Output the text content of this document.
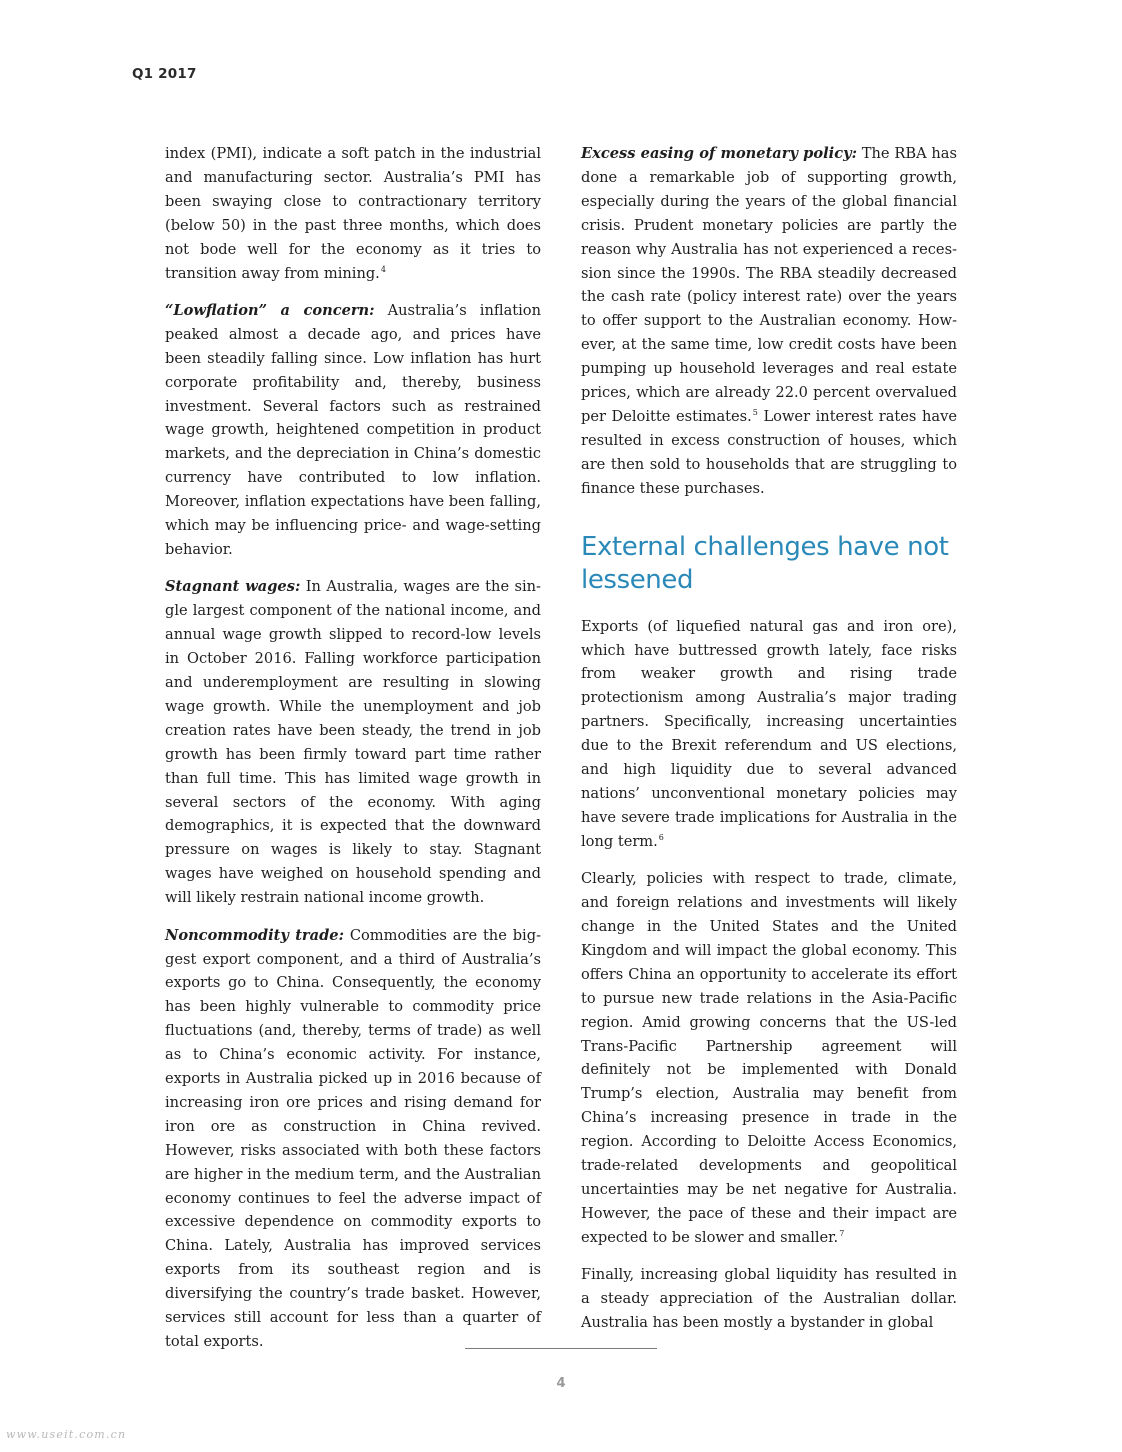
Q1 2017

index (PMI), indicate a soft patch in the industrial and manufacturing sector. Australia’s PMI has been swaying close to contractionary territory (below 50) in the past three months, which does not bode well for the economy as it tries to transition away from mining.$^4$

“Lowflation” a concern: Australia’s inflation peaked almost a decade ago, and prices have been steadily falling since. Low inflation has hurt corporate profitability and, thereby, business investment. Several factors such as restrained wage growth, heightened competition in product markets, and the depreciation in China’s domestic currency have contributed to low inflation. Moreover, inflation expectations have been falling, which may be influencing price- and wage-setting behavior.

Stagnant wages: In Australia, wages are the single largest component of the national income, and annual wage growth slipped to record-low levels in October 2016. Falling workforce participation and underemployment are resulting in slowing wage growth. While the unemployment and job creation rates have been steady, the trend in job growth has been firmly toward part time rather than full time. This has limited wage growth in several sectors of the economy. With aging demographics, it is expected that the downward pressure on wages is likely to stay. Stagnant wages have weighed on household spending and will likely restrain national income growth.

Noncommodity trade: Commodities are the biggest export component, and a third of Australia’s exports go to China. Consequently, the economy has been highly vulnerable to commodity price fluctuations (and, thereby, terms of trade) as well as to China’s economic activity. For instance, exports in Australia picked up in 2016 because of increasing iron ore prices and rising demand for iron ore as construction in China revived. However, risks associated with both these factors are higher in the medium term, and the Australian economy continues to feel the adverse impact of excessive dependence on commodity exports to China. Lately, Australia has improved services exports from its southeast region and is diversifying the country’s trade basket. However, services still account for less than a quarter of total exports.

Excess easing of monetary policy: The RBA has done a remarkable job of supporting growth, especially during the years of the global financial crisis. Prudent monetary policies are partly the reason why Australia has not experienced a recession since the 1990s. The RBA steadily decreased the cash rate (policy interest rate) over the years to offer support to the Australian economy. However, at the same time, low credit costs have been pumping up household leverages and real estate prices, which are already 22.0 percent overvalued per Deloitte estimates.$^5$ Lower interest rates have resulted in excess construction of houses, which are then sold to households that are struggling to finance these purchases.

External challenges have not lessened

Exports (of liquefied natural gas and iron ore), which have buttressed growth lately, face risks from weaker growth and rising trade protectionism among Australia’s major trading partners. Specifically, increasing uncertainties due to the Brexit referendum and US elections, and high liquidity due to several advanced nations’ unconventional monetary policies may have severe trade implications for Australia in the long term.$^6$

Clearly, policies with respect to trade, climate, and foreign relations and investments will likely change in the United States and the United Kingdom and will impact the global economy. This offers China an opportunity to accelerate its effort to pursue new trade relations in the Asia-Pacific region. Amid growing concerns that the US-led Trans-Pacific Partnership agreement will definitely not be implemented with Donald Trump’s election, Australia may benefit from China’s increasing presence in trade in the region. According to Deloitte Access Economics, trade-related developments and geopolitical uncertainties may be net negative for Australia. However, the pace of these and their impact are expected to be slower and smaller.$^7$

Finally, increasing global liquidity has resulted in a steady appreciation of the Australian dollar. Australia has been mostly a bystander in global

4
www.useit.com.cn
